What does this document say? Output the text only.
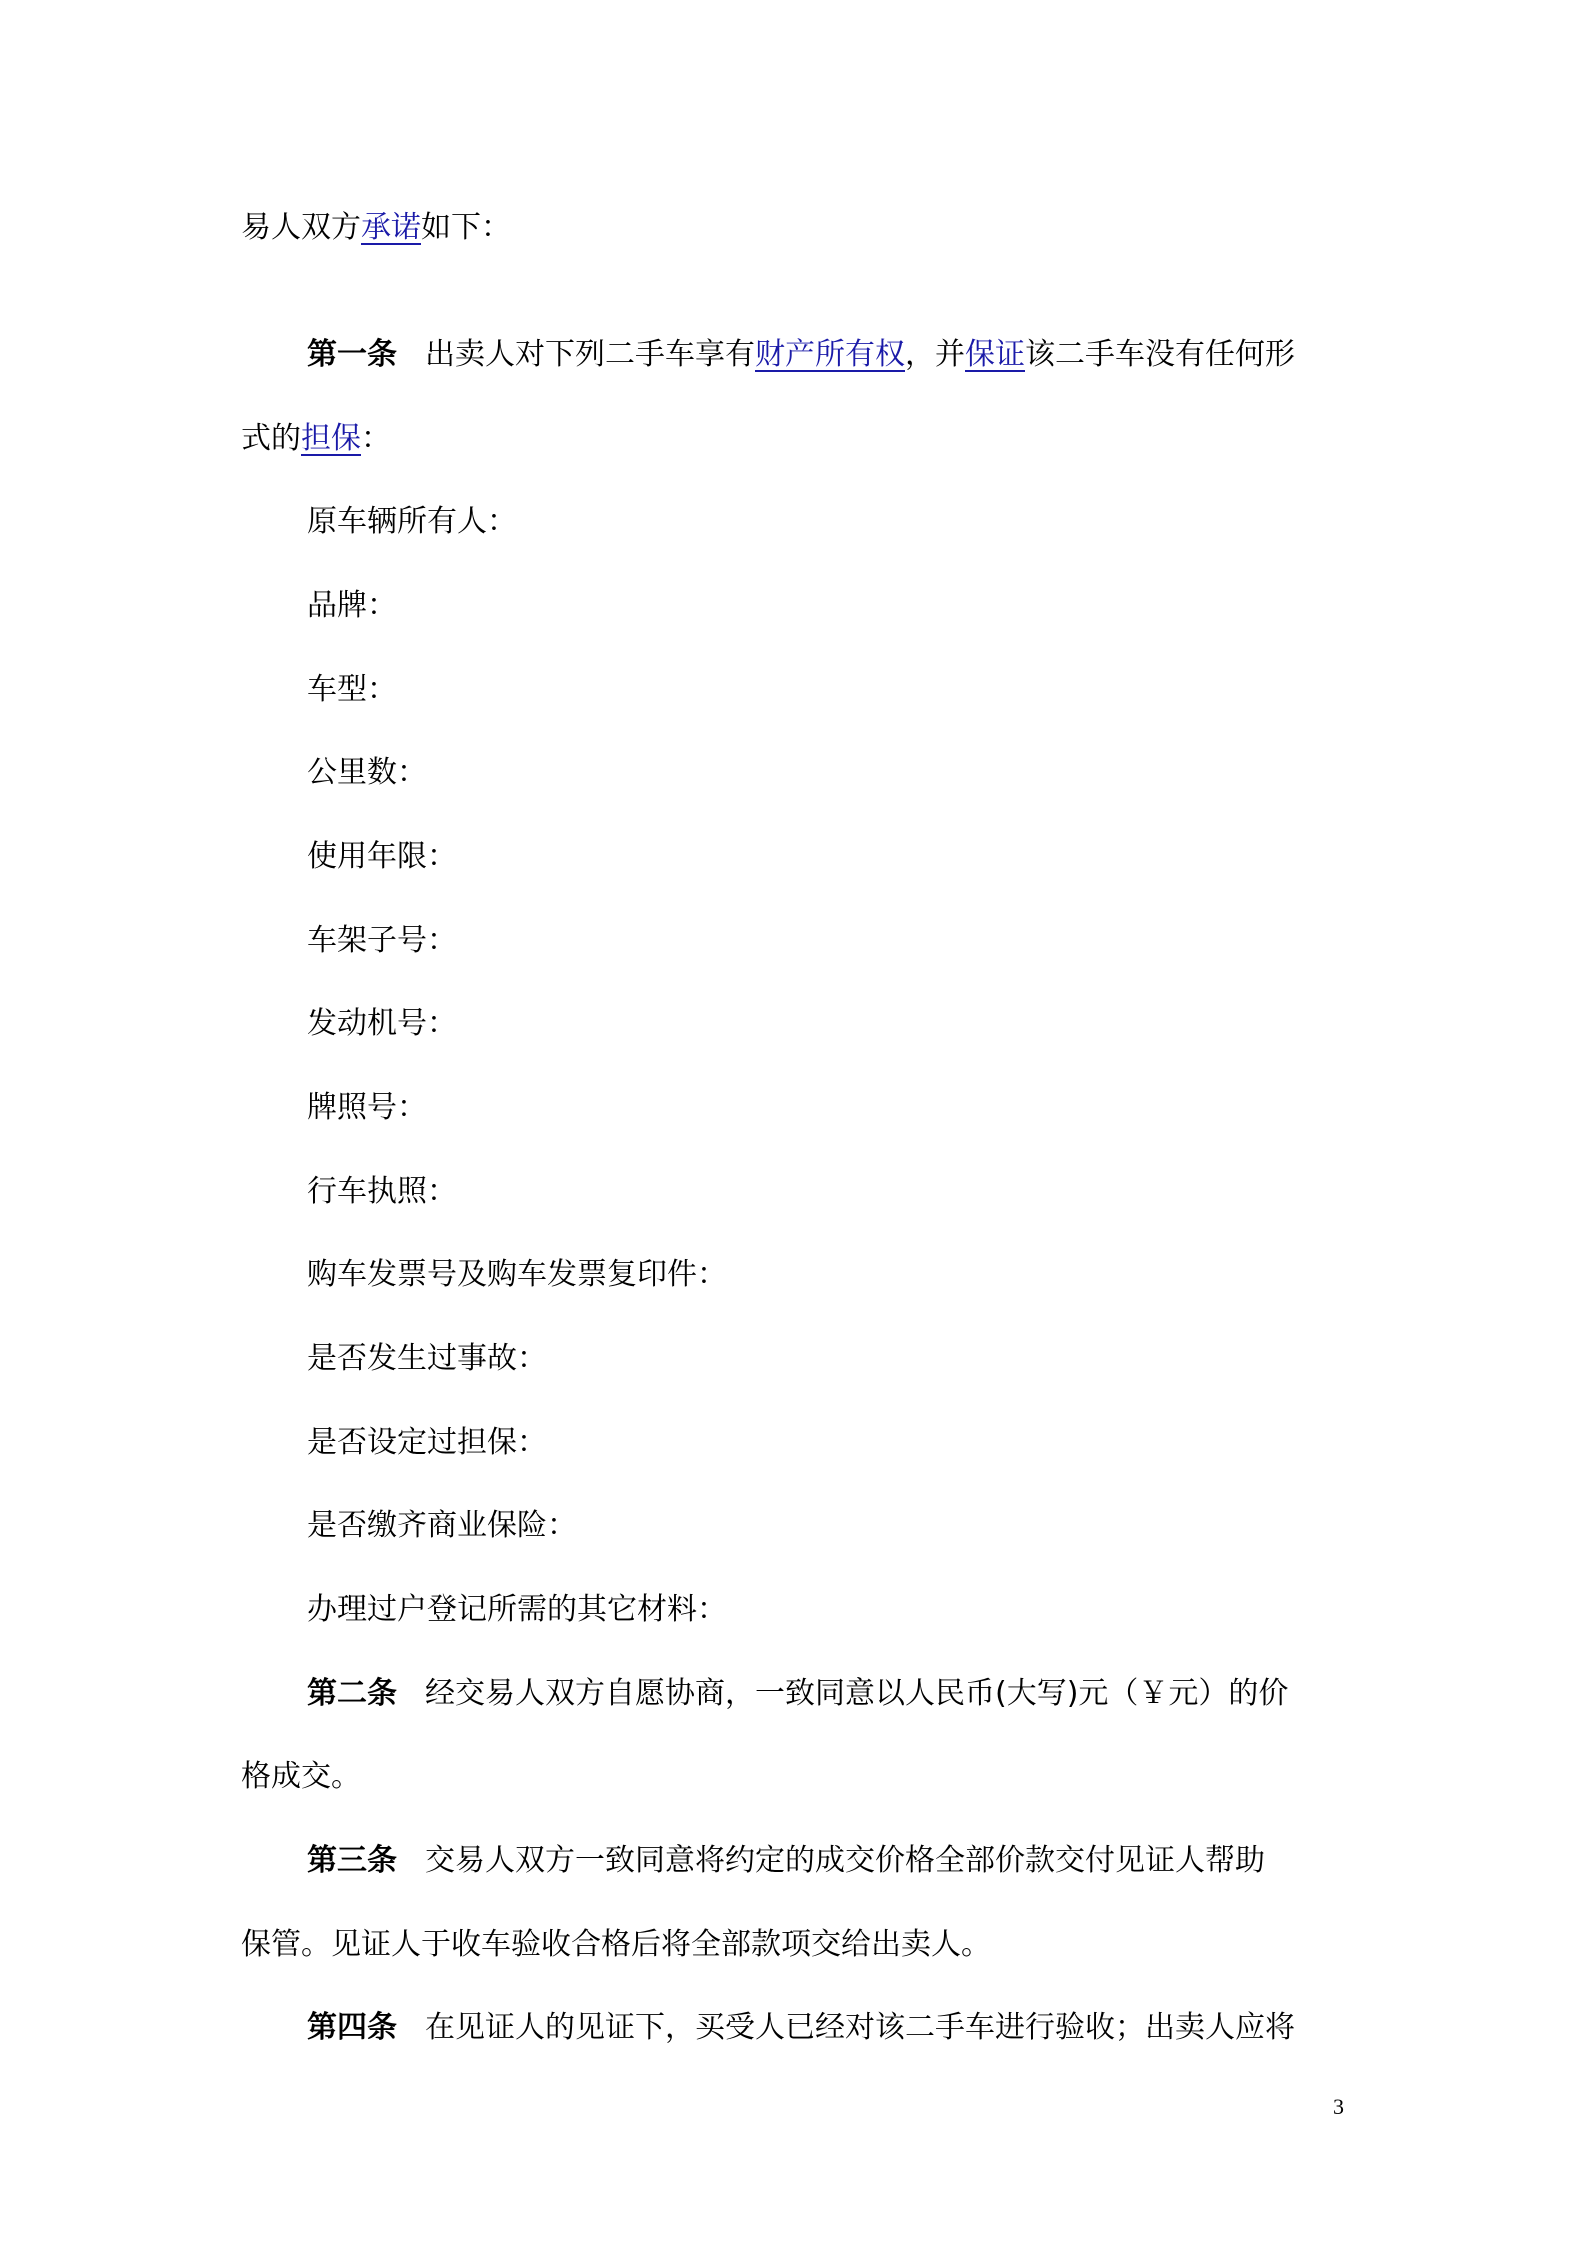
易人双方承诺如下：
第一条 出卖人对下列二手车享有财产所有权，并保证该二手车没有任何形
式的担保：
原车辆所有人：
品牌：
车型：
公里数：
使用年限：
车架子号：
发动机号：
牌照号：
行车执照：
购车发票号及购车发票复印件：
是否发生过事故：
是否设定过担保：
是否缴齐商业保险：
办理过户登记所需的其它材料：
第二条 经交易人双方自愿协商，一致同意以人民币(大写)元（￥元）的价
格成交。
第三条 交易人双方一致同意将约定的成交价格全部价款交付见证人帮助
保管。见证人于收车验收合格后将全部款项交给出卖人。
第四条 在见证人的见证下，买受人已经对该二手车进行验收；出卖人应将
3
